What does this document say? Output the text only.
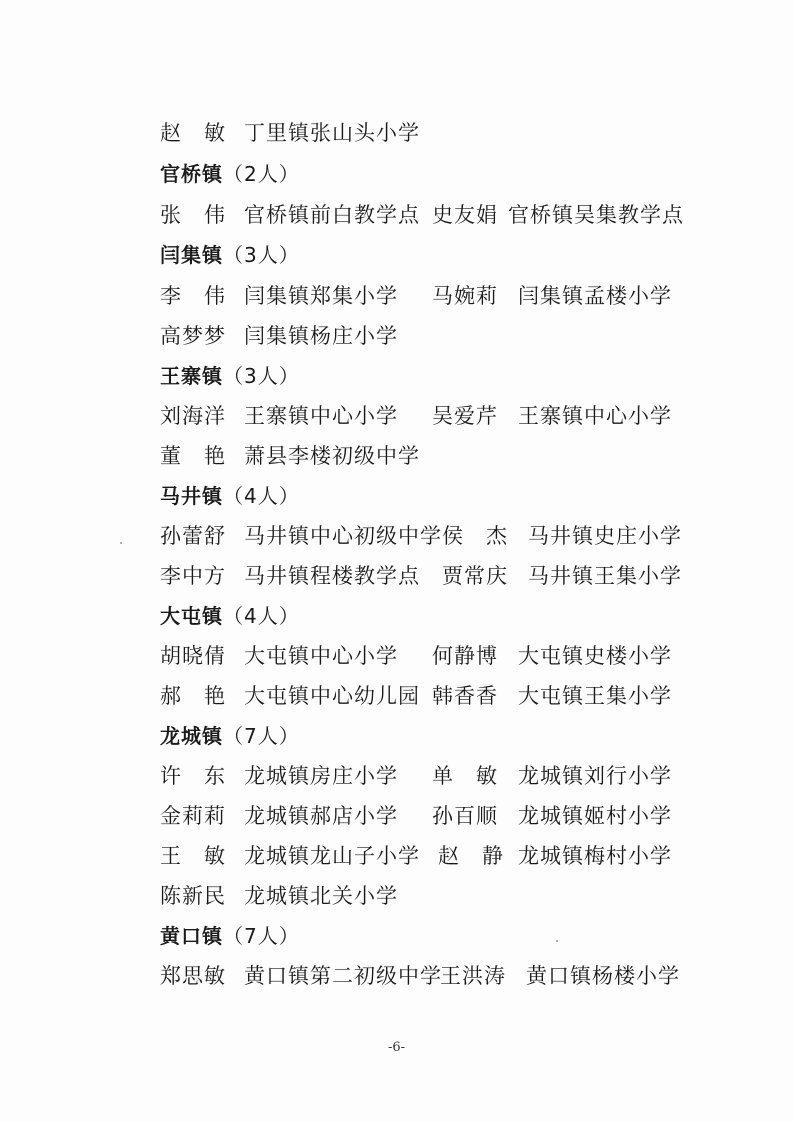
赵　敏 丁里镇张山头小学
官桥镇（2人）
张　伟 官桥镇前白教学点 史友娟 官桥镇吴集教学点
闫集镇（3人）
李　伟 闫集镇郑集小学 马婉莉 闫集镇孟楼小学
高梦梦 闫集镇杨庄小学
王寨镇（3人）
刘海洋 王寨镇中心小学 吴爱芹 王寨镇中心小学
董　艳 萧县李楼初级中学
马井镇（4人）
孙蕾舒 马井镇中心初级中学 侯　杰 马井镇史庄小学
李中方 马井镇程楼教学点 贾常庆 马井镇王集小学
大屯镇（4人）
胡晓倩 大屯镇中心小学 何静博 大屯镇史楼小学
郝　艳 大屯镇中心幼儿园 韩香香 大屯镇王集小学
龙城镇（7人）
许　东 龙城镇房庄小学 单　敏 龙城镇刘行小学
金莉莉 龙城镇郝店小学 孙百顺 龙城镇姬村小学
王　敏 龙城镇龙山子小学 赵　静 龙城镇梅村小学
陈新民 龙城镇北关小学
黄口镇（7人）
郑思敏 黄口镇第二初级中学
王洪涛 黄口镇杨楼小学
-6-
